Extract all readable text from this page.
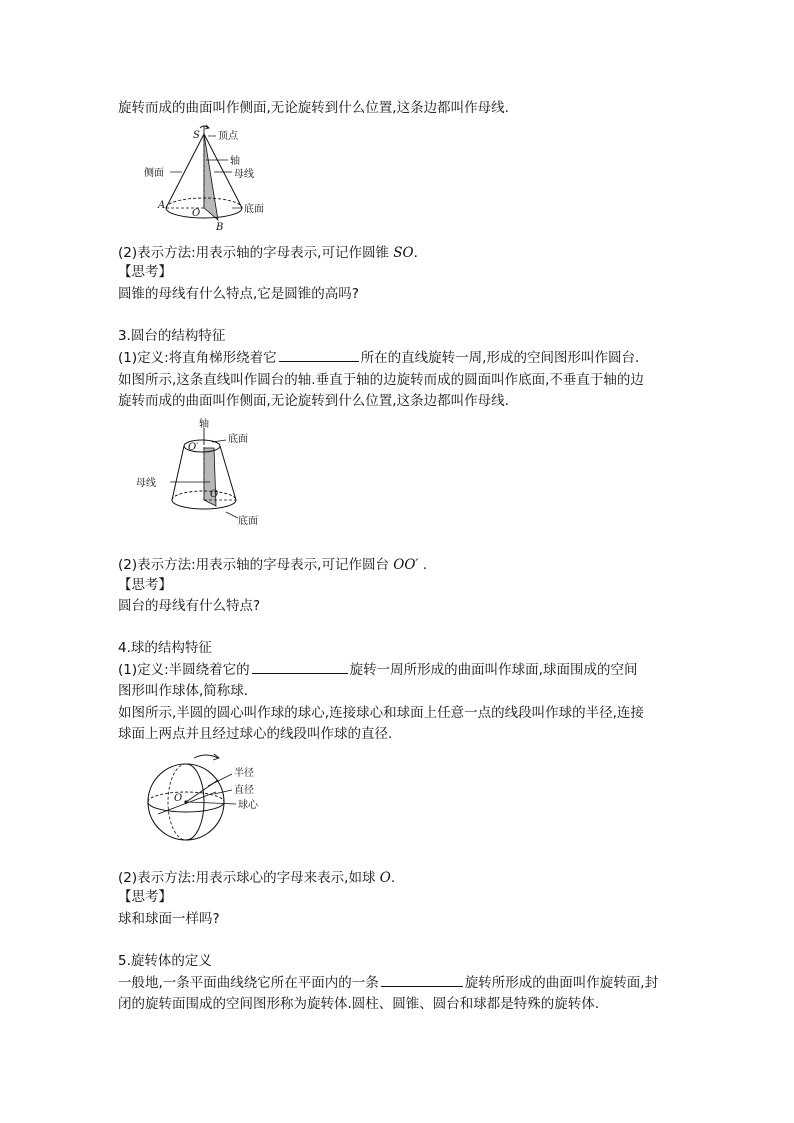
旋转而成的曲面叫作侧面,无论旋转到什么位置,这条边都叫作母线.
S 顶点
轴
母线
侧面
A
O
B
底面
(2)表示方法:用表示轴的字母表示,可记作圆锥 SO.
【思考】
圆锥的母线有什么特点,它是圆锥的高吗?
3.圆台的结构特征
(1)定义:将直角梯形绕着它	所在的直线旋转一周,形成的空间图形叫作圆台.
如图所示,这条直线叫作圆台的轴.垂直于轴的边旋转而成的圆面叫作底面,不垂直于轴的边
旋转而成的曲面叫作侧面,无论旋转到什么位置,这条边都叫作母线.
轴
底面
O′
母线
O
底面
(2)表示方法:用表示轴的字母表示,可记作圆台 OO′ .
【思考】
圆台的母线有什么特点?
4.球的结构特征
(1)定义:半圆绕着它的	旋转一周所形成的曲面叫作球面,球面围成的空间
图形叫作球体,简称球.
如图所示,半圆的圆心叫作球的球心,连接球心和球面上任意一点的线段叫作球的半径,连接
球面上两点并且经过球心的线段叫作球的直径.
半径
直径
球心
O
(2)表示方法:用表示球心的字母来表示,如球 O.
【思考】
球和球面一样吗?
5.旋转体的定义
一般地,一条平面曲线绕它所在平面内的一条	旋转所形成的曲面叫作旋转面,封
闭的旋转面围成的空间图形称为旋转体.圆柱、圆锥、圆台和球都是特殊的旋转体.
